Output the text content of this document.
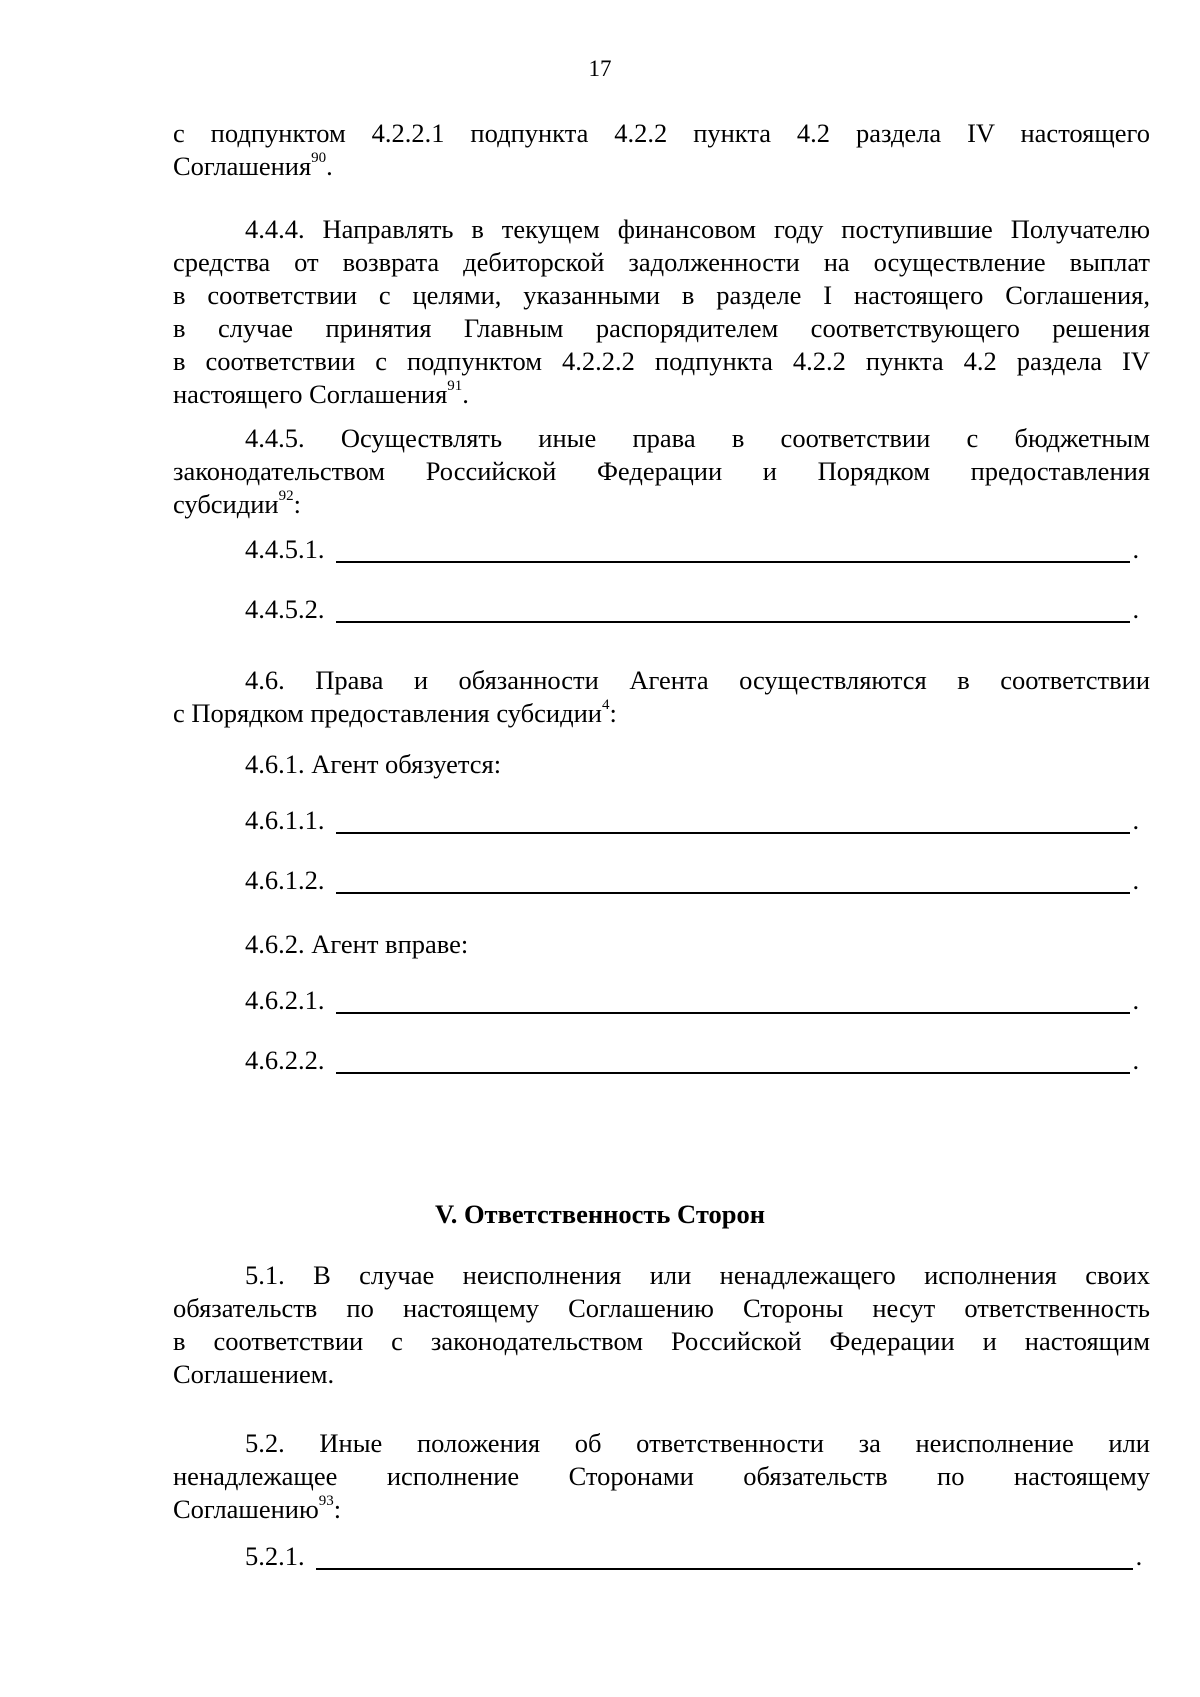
17
с подпунктом 4.2.2.1 подпункта 4.2.2 пункта 4.2 раздела IV настоящего
Соглашения$^{90}$.
4.4.4. Направлять в текущем финансовом году поступившие Получателю
средства от возврата дебиторской задолженности на осуществление выплат
в соответствии с целями, указанными в разделе I настоящего Соглашения,
в случае принятия Главным распорядителем соответствующего решения
в соответствии с подпунктом 4.2.2.2 подпункта 4.2.2 пункта 4.2 раздела IV
настоящего Соглашения$^{91}$.
4.4.5. Осуществлять иные права в соответствии с бюджетным
законодательством Российской Федерации и Порядком предоставления
субсидии$^{92}$:
4.4.5.1.	.
4.4.5.2.	.
4.6. Права и обязанности Агента осуществляются в соответствии
с Порядком предоставления субсидии$^4$:
4.6.1. Агент обязуется:
4.6.1.1.	.
4.6.1.2.	.
4.6.2. Агент вправе:
4.6.2.1.	.
4.6.2.2.	.
V. Ответственность Сторон
5.1. В случае неисполнения или ненадлежащего исполнения своих
обязательств по настоящему Соглашению Стороны несут ответственность
в соответствии с законодательством Российской Федерации и настоящим
Соглашением.
5.2. Иные положения об ответственности за неисполнение или
ненадлежащее исполнение Сторонами обязательств по настоящему
Соглашению$^{93}$:
5.2.1.	.
